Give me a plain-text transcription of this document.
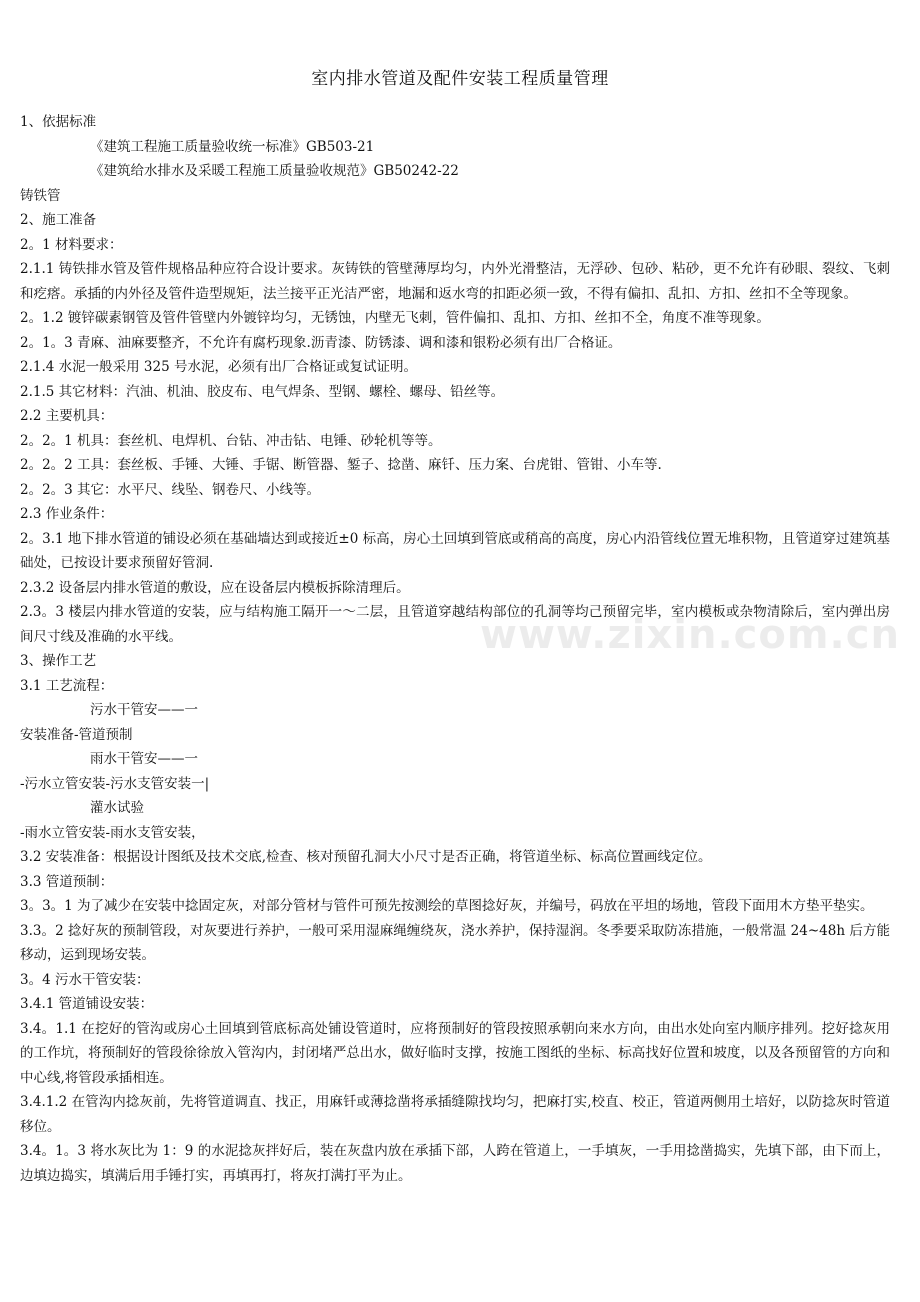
www.zixin.com.cn
室内排水管道及配件安装工程质量管理
1、依据标准
《建筑工程施工质量验收统一标准》GB503-21
《建筑给水排水及采暖工程施工质量验收规范》GB50242-22
铸铁管
2、施工准备
2。1 材料要求：
2.1.1 铸铁排水管及管件规格品种应符合设计要求。灰铸铁的管壁薄厚均匀，内外光滑整洁，无浮砂、包砂、粘砂，更不允许有砂眼、裂纹、飞刺和疙瘩。承插的内外径及管件造型规矩，法兰接平正光洁严密，地漏和返水弯的扣距必须一致，不得有偏扣、乱扣、方扣、丝扣不全等现象。
2。1.2 镀锌碳素钢管及管件管壁内外镀锌均匀，无锈蚀，内壁无飞刺，管件偏扣、乱扣、方扣、丝扣不全，角度不准等现象。
2。1。3 青麻、油麻要整齐，不允许有腐朽现象.沥青漆、防锈漆、调和漆和银粉必须有出厂合格证。
2.1.4 水泥一般采用 325 号水泥，必须有出厂合格证或复试证明。
2.1.5 其它材料：汽油、机油、胶皮布、电气焊条、型钢、螺栓、螺母、铅丝等。
2.2 主要机具：
2。2。1 机具：套丝机、电焊机、台钻、冲击钻、电锤、砂轮机等等。
2。2。2 工具：套丝板、手锤、大锤、手锯、断管器、錾子、捻凿、麻钎、压力案、台虎钳、管钳、小车等.
2。2。3 其它：水平尺、线坠、钢卷尺、小线等。
2.3 作业条件：
2。3.1 地下排水管道的铺设必须在基础墙达到或接近±0 标高，房心土回填到管底或稍高的高度，房心内沿管线位置无堆积物，且管道穿过建筑基础处，已按设计要求预留好管洞.
2.3.2 设备层内排水管道的敷设，应在设备层内模板拆除清理后。
2.3。3 楼层内排水管道的安装，应与结构施工隔开一～二层，且管道穿越结构部位的孔洞等均己预留完毕，室内模板或杂物清除后，室内弹出房间尺寸线及准确的水平线。
3、操作工艺
3.1 工艺流程：
污水干管安——一
安装准备-管道预制
雨水干管安——一
-污水立管安装-污水支管安装一|
灌水试验
-雨水立管安装-雨水支管安装，
3.2 安装准备：根据设计图纸及技术交底,检查、核对预留孔洞大小尺寸是否正确，将管道坐标、标高位置画线定位。
3.3 管道预制：
3。3。1 为了减少在安装中捻固定灰，对部分管材与管件可预先按测绘的草图捻好灰，并编号，码放在平坦的场地，管段下面用木方垫平垫实。
3.3。2 捻好灰的预制管段，对灰要进行养护，一般可采用湿麻绳缠绕灰，浇水养护，保持湿润。冬季要采取防冻措施，一般常温 24~48h 后方能移动，运到现场安装。
3。4 污水干管安装：
3.4.1 管道铺设安装：
3.4。1.1 在挖好的管沟或房心土回填到管底标高处铺设管道时，应将预制好的管段按照承朝向来水方向，由出水处向室内顺序排列。挖好捻灰用的工作坑，将预制好的管段徐徐放入管沟内，封闭堵严总出水，做好临时支撑，按施工图纸的坐标、标高找好位置和坡度，以及各预留管的方向和中心线,将管段承插相连。
3.4.1.2 在管沟内捻灰前，先将管道调直、找正，用麻钎或薄捻凿将承插缝隙找均匀，把麻打实,校直、校正，管道两侧用土培好，以防捻灰时管道移位。
3.4。1。3 将水灰比为 1：9 的水泥捻灰拌好后，装在灰盘内放在承插下部，人跨在管道上，一手填灰，一手用捻凿捣实，先填下部，由下而上，边填边捣实，填满后用手锤打实，再填再打，将灰打满打平为止。
